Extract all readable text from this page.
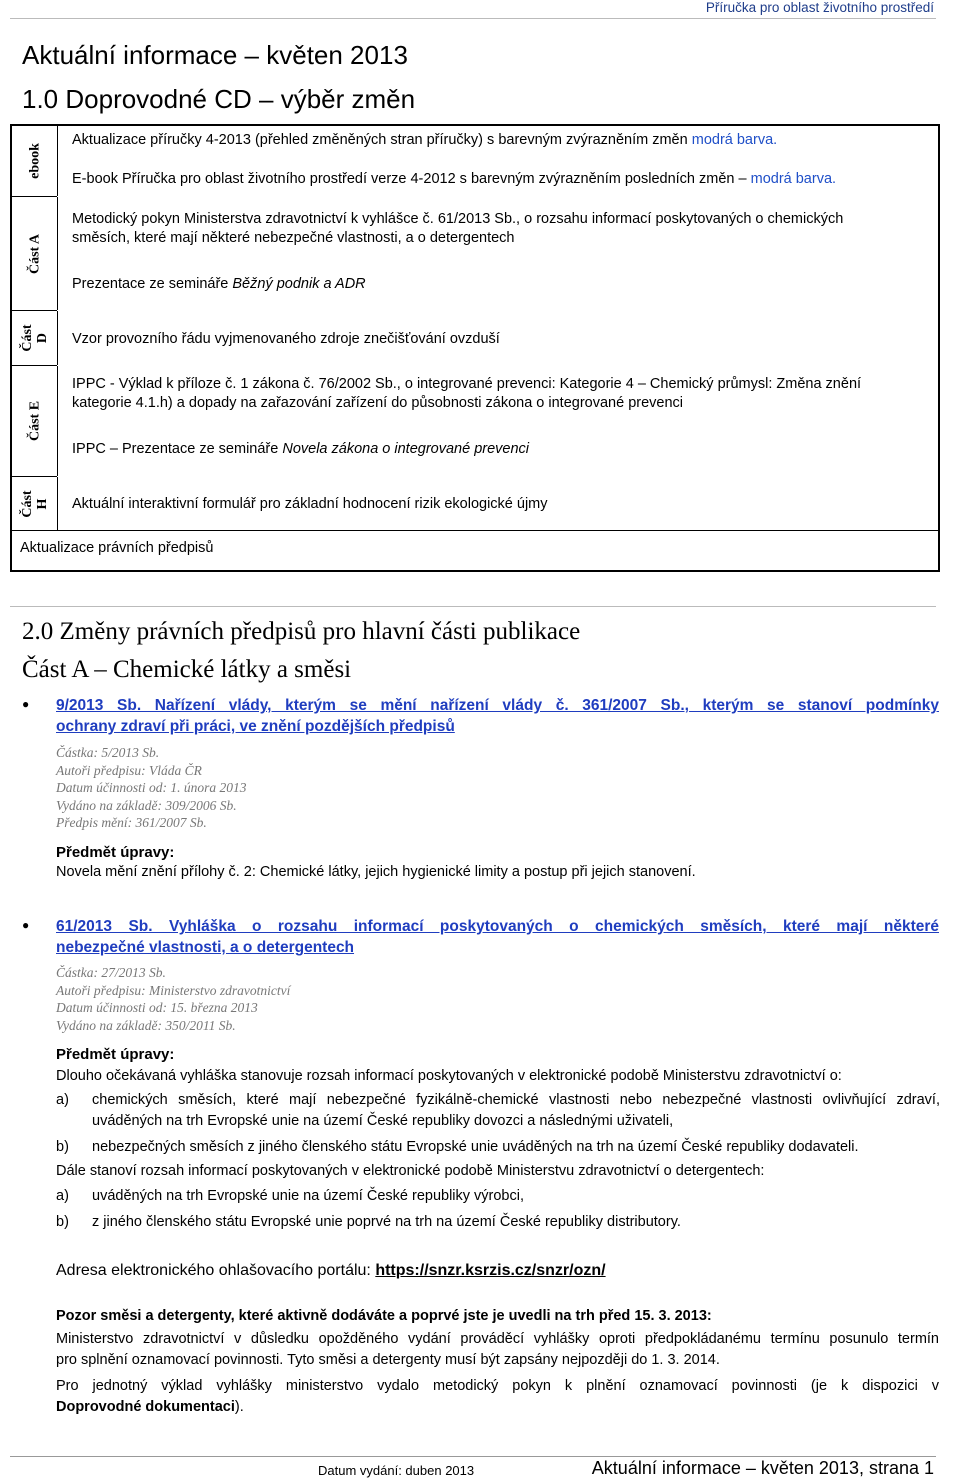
Příručka pro oblast životního prostředí
Aktuální informace – květen 2013
1.0 Doprovodné CD – výběr změn
ebook
Část A
Část D
Část E
Část H
Aktualizace příručky 4-2013 (přehled změněných stran příručky) s barevným zvýrazněním změn modrá barva.
E-book Příručka pro oblast životního prostředí verze 4-2012 s barevným zvýrazněním posledních změn – modrá barva.
Metodický pokyn Ministerstva zdravotnictví k vyhlášce č. 61/2013 Sb., o rozsahu informací poskytovaných o chemických
směsích, které mají některé nebezpečné vlastnosti, a o detergentech
Prezentace ze semináře Běžný podnik a ADR
Vzor provozního řádu vyjmenovaného zdroje znečišťování ovzduší
IPPC - Výklad k příloze č. 1 zákona č. 76/2002 Sb., o integrované prevenci: Kategorie 4 – Chemický průmysl: Změna znění
kategorie 4.1.h) a dopady na zařazování zařízení do působnosti zákona o integrované prevenci
IPPC – Prezentace ze semináře Novela zákona o integrované prevenci
Aktuální interaktivní formulář pro základní hodnocení rizik ekologické újmy
Aktualizace právních předpisů
2.0 Změny právních předpisů pro hlavní části publikace
Část A – Chemické látky a směsi
● 9/2013 Sb. Nařízení vlády, kterým se mění nařízení vlády č. 361/2007 Sb., kterým se stanoví podmínky
ochrany zdraví při práci, ve znění pozdějších předpisů
Částka: 5/2013 Sb.
Autoři předpisu: Vláda ČR
Datum účinnosti od: 1. února 2013
Vydáno na základě: 309/2006 Sb.
Předpis mění: 361/2007 Sb.
Předmět úpravy:
Novela mění znění přílohy č. 2: Chemické látky, jejich hygienické limity a postup při jejich stanovení.
● 61/2013 Sb. Vyhláška o rozsahu informací poskytovaných o chemických směsích, které mají některé
nebezpečné vlastnosti, a o detergentech
Částka: 27/2013 Sb.
Autoři předpisu: Ministerstvo zdravotnictví
Datum účinnosti od: 15. března 2013
Vydáno na základě: 350/2011 Sb.
Předmět úpravy:
Dlouho očekávaná vyhláška stanovuje rozsah informací poskytovaných v elektronické podobě Ministerstvu zdravotnictví o:
a) chemických směsích, které mají nebezpečné fyzikálně-chemické vlastnosti nebo nebezpečné vlastnosti ovlivňující zdraví,
uváděných na trh Evropské unie na území České republiky dovozci a následnými uživateli,
b) nebezpečných směsích z jiného členského státu Evropské unie uváděných na trh na území České republiky dodavateli.
Dále stanoví rozsah informací poskytovaných v elektronické podobě Ministerstvu zdravotnictví o detergentech:
a) uváděných na trh Evropské unie na území České republiky výrobci,
b) z jiného členského státu Evropské unie poprvé na trh na území České republiky distributory.
Adresa elektronického ohlašovacího portálu: https://snzr.ksrzis.cz/snzr/ozn/
Pozor směsi a detergenty, které aktivně dodáváte a poprvé jste je uvedli na trh před 15. 3. 2013:
Ministerstvo zdravotnictví v důsledku opožděného vydání prováděcí vyhlášky oproti předpokládanému termínu posunulo termín
pro splnění oznamovací povinnosti. Tyto směsi a detergenty musí být zapsány nejpozději do 1. 3. 2014.
Pro jednotný výklad vyhlášky ministerstvo vydalo metodický pokyn k plnění oznamovací povinnosti (je k dispozici v
Doprovodné dokumentaci).
Datum vydání: duben 2013	Aktuální informace – květen 2013, strana 1
